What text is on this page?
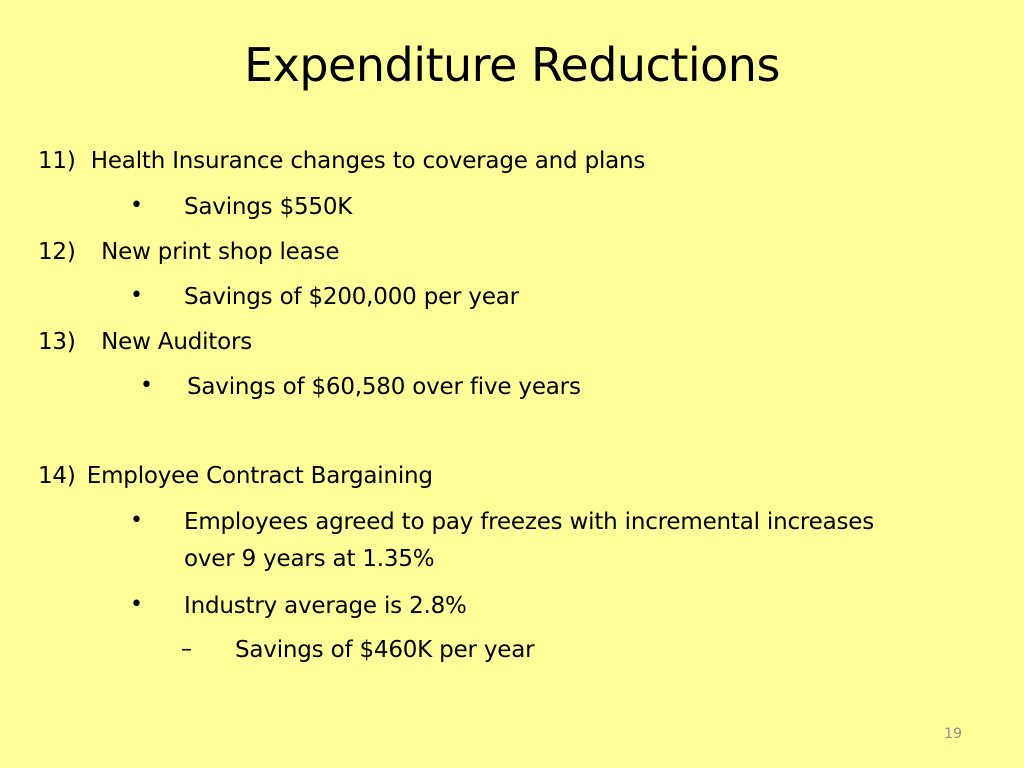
Expenditure Reductions
11) Health Insurance changes to coverage and plans
• Savings $550K
12) New print shop lease
• Savings of $200,000 per year
13) New Auditors
• Savings of $60,580 over five years
14) Employee Contract Bargaining
• Employees agreed to pay freezes with incremental increases
over 9 years at 1.35%
• Industry average is 2.8%
– Savings of $460K per year
19
